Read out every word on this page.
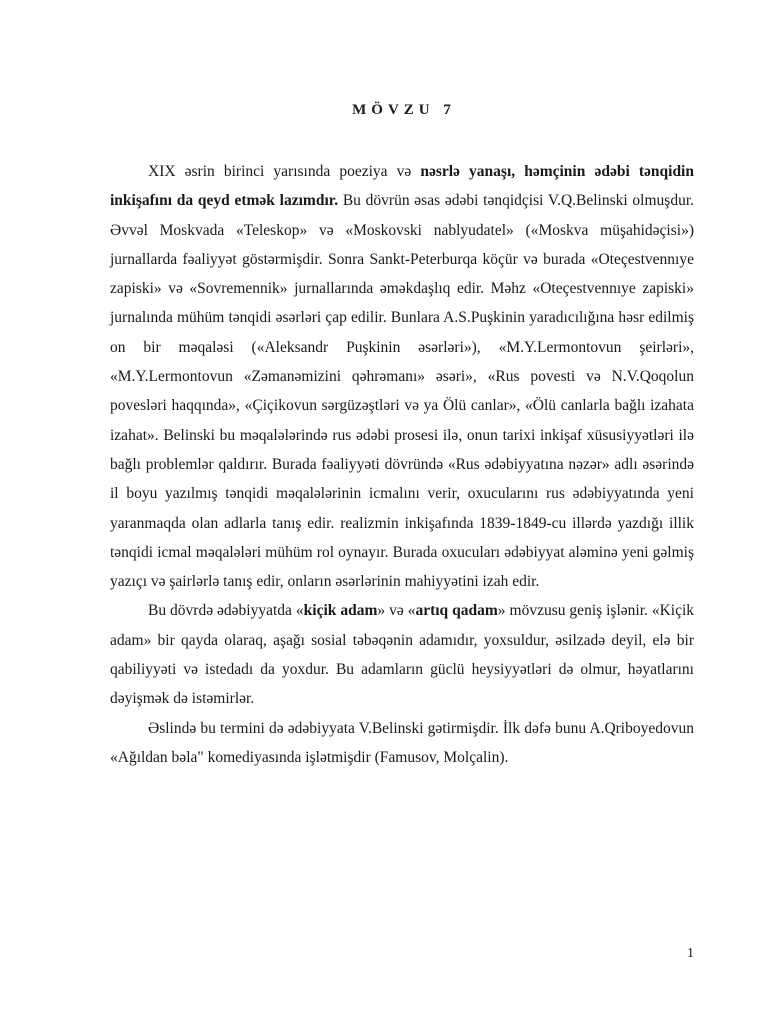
MÖVZU 7

XIX əsrin birinci yarısında poeziya və nəsrlə yanaşı, həmçinin ədəbi tənqidin inkişafını da qeyd etmək lazımdır. Bu dövrün əsas ədəbi tənqidçisi V.Q.Belinski olmuşdur. Əvvəl Moskvada «Teleskop» və «Moskovski nablyudatel» («Moskva müşahidəçisi») jurnallarda fəaliyyət göstərmişdir. Sonra Sankt-Peterburqa köçür və burada «Oteçestvennıye zapiski» və «Sovremennik» jurnallarında əməkdaşlıq edir. Məhz «Oteçestvennıye zapiski» jurnalında mühüm tənqidi əsərləri çap edilir. Bunlara A.S.Puşkinin yaradıcılığına həsr edilmiş on bir məqaləsi («Aleksandr Puşkinin əsərləri»), «M.Y.Lermontovun şeirləri», «M.Y.Lermontovun «Zəmanəmizini qəhrəmanı» əsəri», «Rus povesti və N.V.Qoqolun povesləri haqqında», «Çiçikovun sərgüzəştləri və ya Ölü canlar», «Ölü canlarla bağlı izahata izahat». Belinski bu məqalələrində rus ədəbi prosesi ilə, onun tarixi inkişaf xüsusiyyətləri ilə bağlı problemlər qaldırır. Burada fəaliyyəti dövründə «Rus ədəbiyyatına nəzər» adlı əsərində il boyu yazılmış tənqidi məqalələrinin icmalını verir, oxucularını rus ədəbiyyatında yeni yaranmaqda olan adlarla tanış edir. realizmin inkişafında 1839-1849-cu illərdə yazdığı illik tənqidi icmal məqalələri mühüm rol oynayır. Burada oxucuları ədəbiyyat aləminə yeni gəlmiş yazıçı və şairlərlə tanış edir, onların əsərlərinin mahiyyətini izah edir.

Bu dövrdə ədəbiyyatda «kiçik adam» və «artıq qadam» mövzusu geniş işlənir. «Kiçik adam» bir qayda olaraq, aşağı sosial təbəqənin adamıdır, yoxsuldur, əsilzadə deyil, elə bir qabiliyyəti və istedadı da yoxdur. Bu adamların güclü heysiyyətləri də olmur, həyatlarını dəyişmək də istəmirlər.

Əslində bu termini də ədəbiyyata V.Belinski gətirmişdir. İlk dəfə bunu A.Qriboyedovun «Ağıldan bəla" komediyasında işlətmişdir (Famusov, Molçalin).

1
